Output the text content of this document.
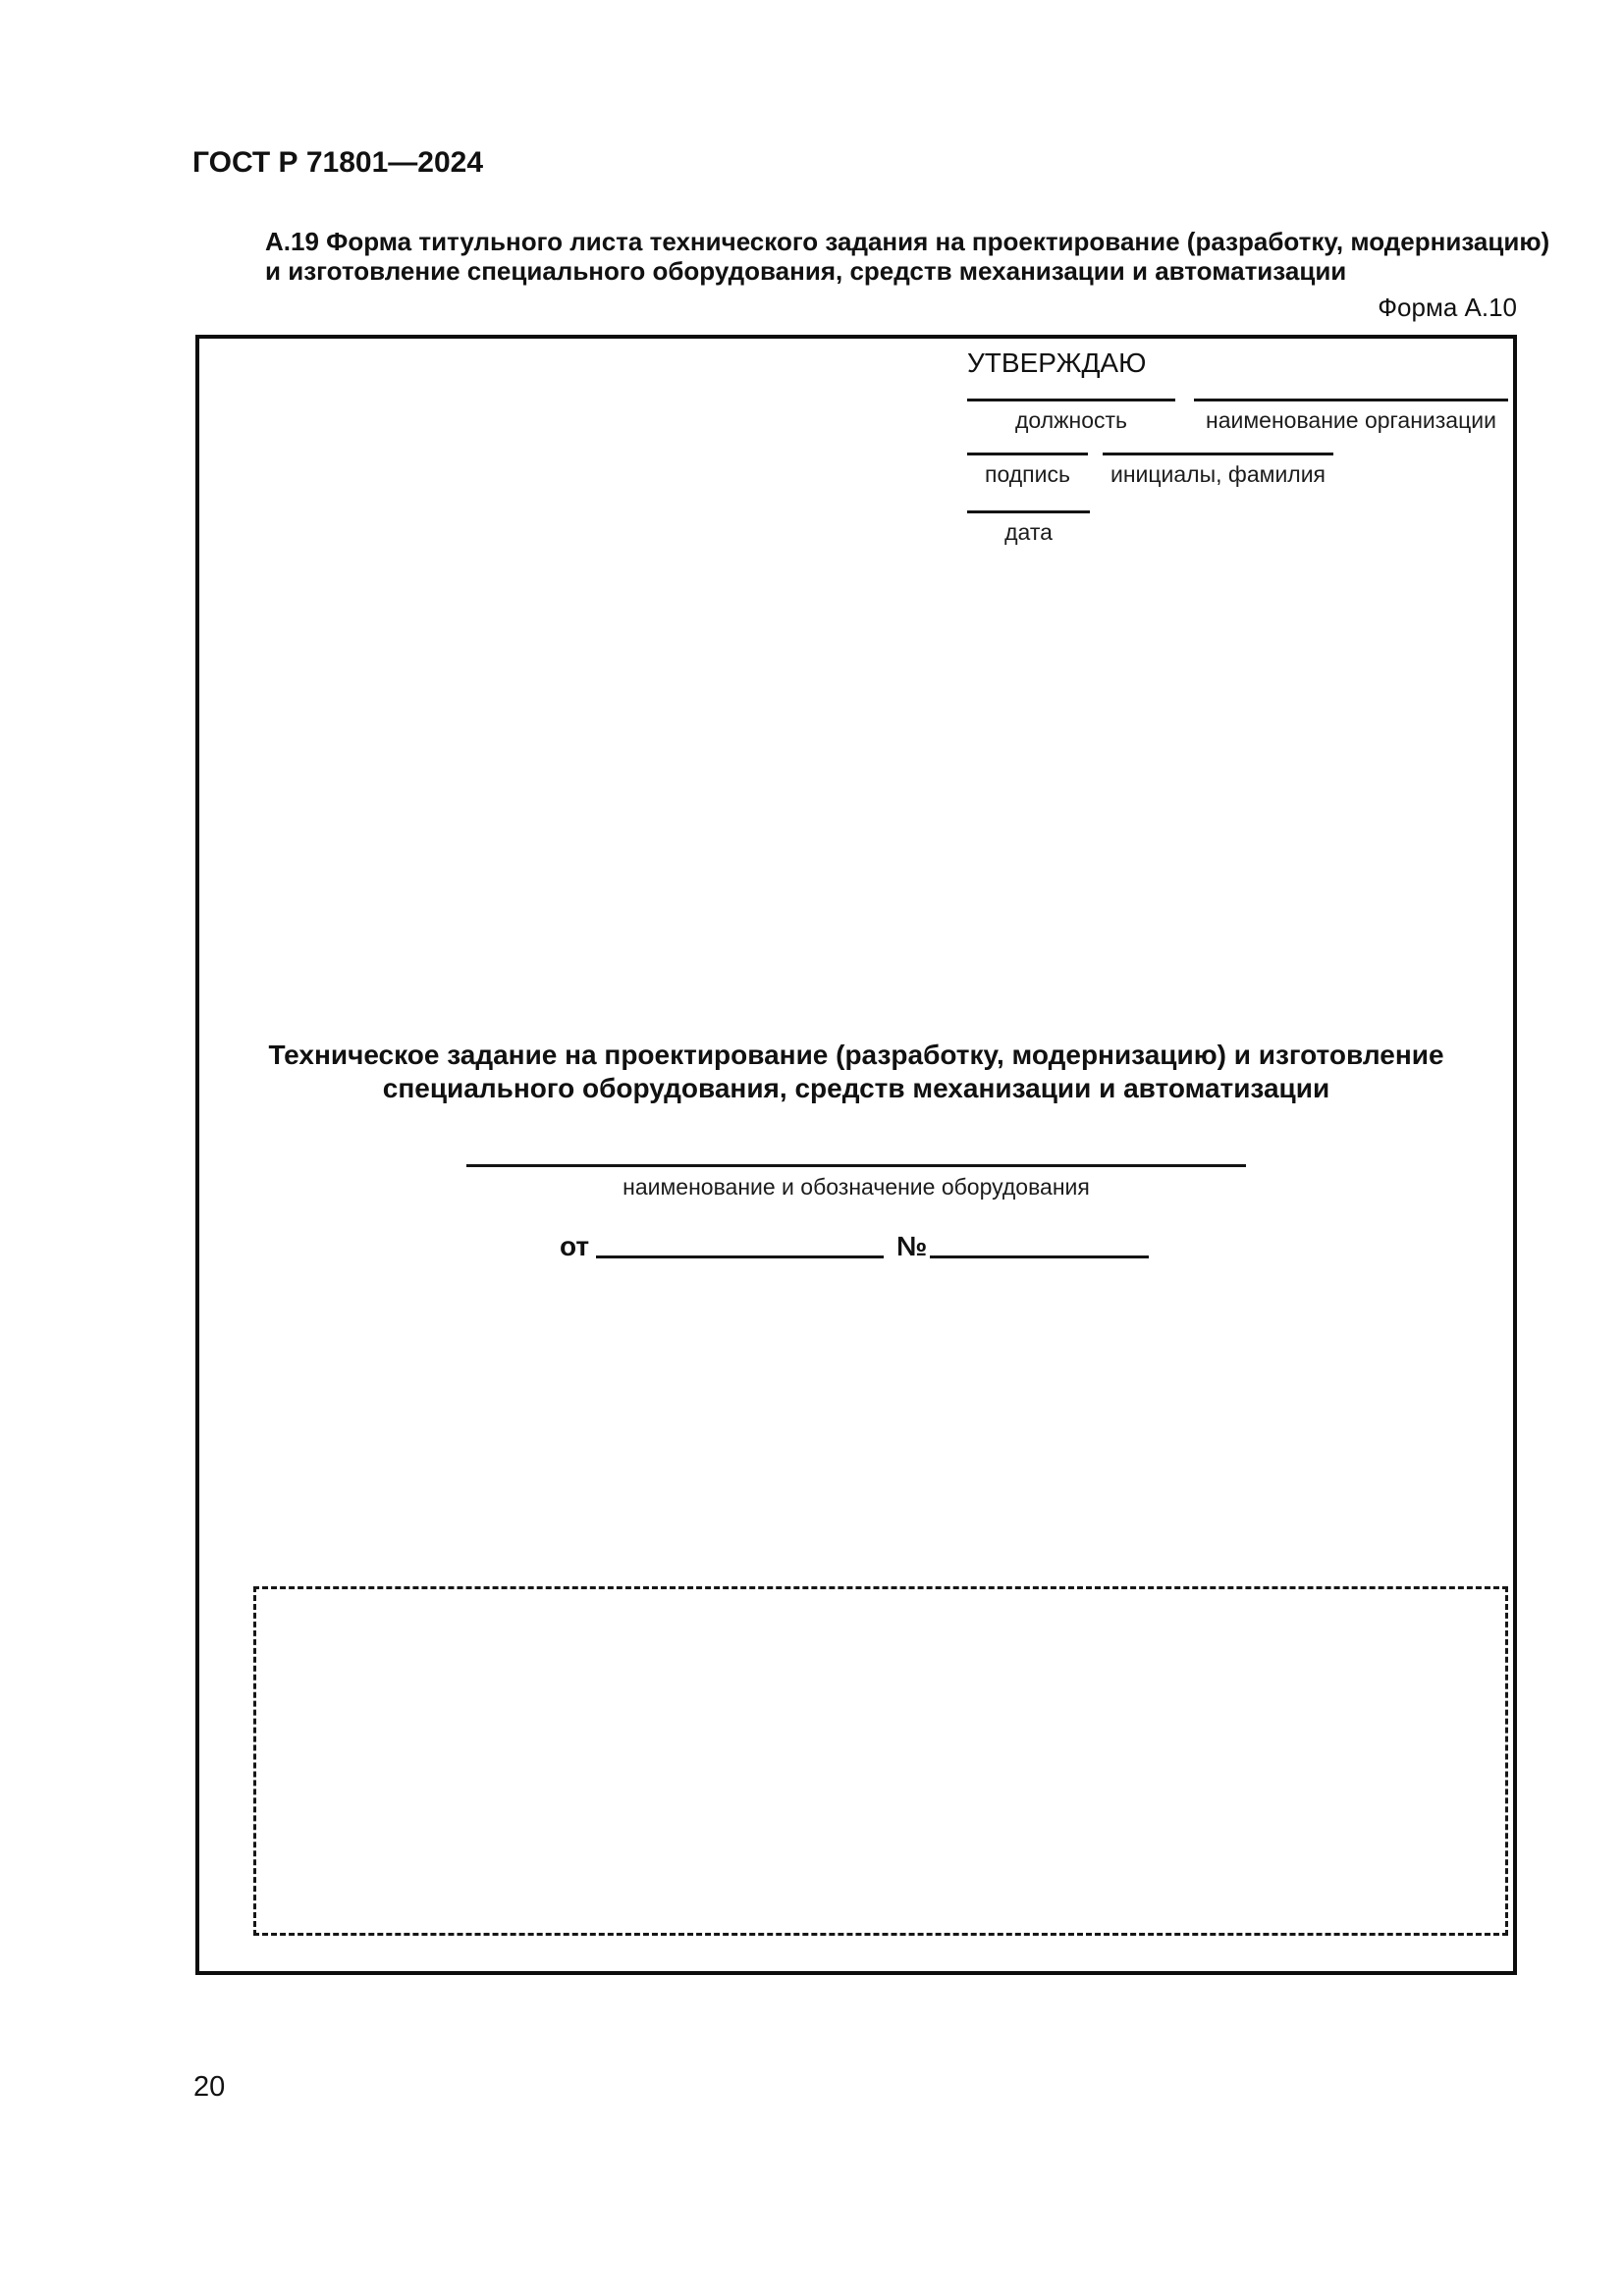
ГОСТ Р 71801—2024
А.19 Форма титульного листа технического задания на проектирование (разработку, модернизацию)
и изготовление специального оборудования, средств механизации и автоматизации
Форма А.10
УТВЕРЖДАЮ
должность	наименование организации
подпись	инициалы, фамилия
дата
Техническое задание на проектирование (разработку, модернизацию) и изготовление
специального оборудования, средств механизации и автоматизации
наименование и обозначение оборудования
от	№
20
